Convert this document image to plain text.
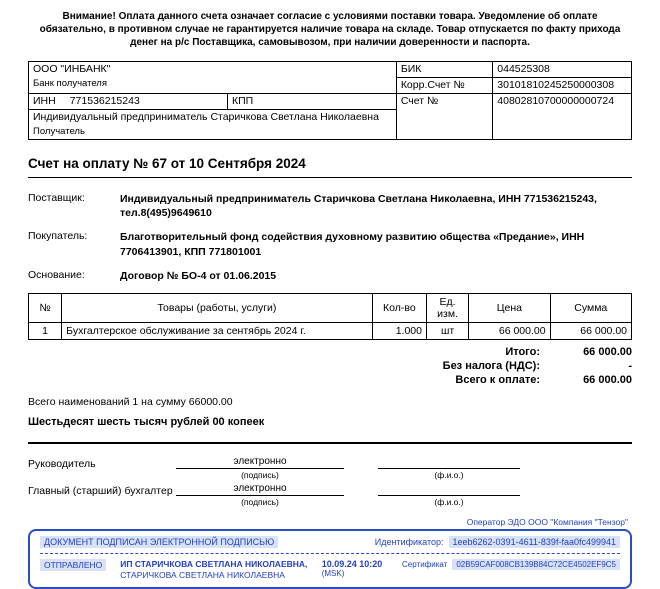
Внимание! Оплата данного счета означает согласие с условиями поставки товара. Уведомление об оплате обязательно, в противном случае не гарантируется наличие товара на складе. Товар отпускается по факту прихода денег на р/с Поставщика, самовывозом, при наличии доверенности и паспорта.
ООО "ИНБАНК"
Банк получателя		БИК	044525308
		Корр.Счет №	30101810245250000308
ИНН 771536215243	КПП	Счет №	40802810700000000724

Индивидуальный предприниматель Старичкова Светлана Николаевна
Получатель			
Счет на оплату № 67 от 10 Сентября 2024
Поставщик:	Индивидуальный предприниматель Старичкова Светлана Николаевна, ИНН 771536215243, тел.8(495)9649610
Покупатель:	Благотворительный фонд содействия духовному развитию общества «Предание», ИНН 7706413901, КПП 771801001
Основание:	Договор № БО-4 от 01.06.2015
№	Товары (работы, услуги)	Кол-во	Ед. изм.	Цена	Сумма
1	Бухгалтерское обслуживание за сентябрь 2024 г.	1.000	шт	66 000.00	66 000.00
Итого:	66 000.00
Без налога (НДС):	-
Всего к оплате:	66 000.00
Всего наименований 1 на сумму 66000.00
Шестьдесят шесть тысяч рублей 00 копеек
Руководитель	электронно
(подпись)
	(ф.и.о.)
Главный (старший) бухгалтер	электронно
(подпись)
	(ф.и.о.)
Оператор ЭДО ООО "Компания "Тензор"
ДОКУМЕНТ ПОДПИСАН ЭЛЕКТРОННОЙ ПОДПИСЬЮ	Идентификатор:	1eeb6262-0391-4611-839f-faa0fc499941
ОТПРАВЛЕНО	ИП СТАРИЧКОВА СВЕТЛАНА НИКОЛАЕВНА, СТАРИЧКОВА СВЕТЛАНА НИКОЛАЕВНА
10.09.24 10:20
(MSK)
Сертификат	02B59CAF008CB139B84C72CE4502EF9C5
